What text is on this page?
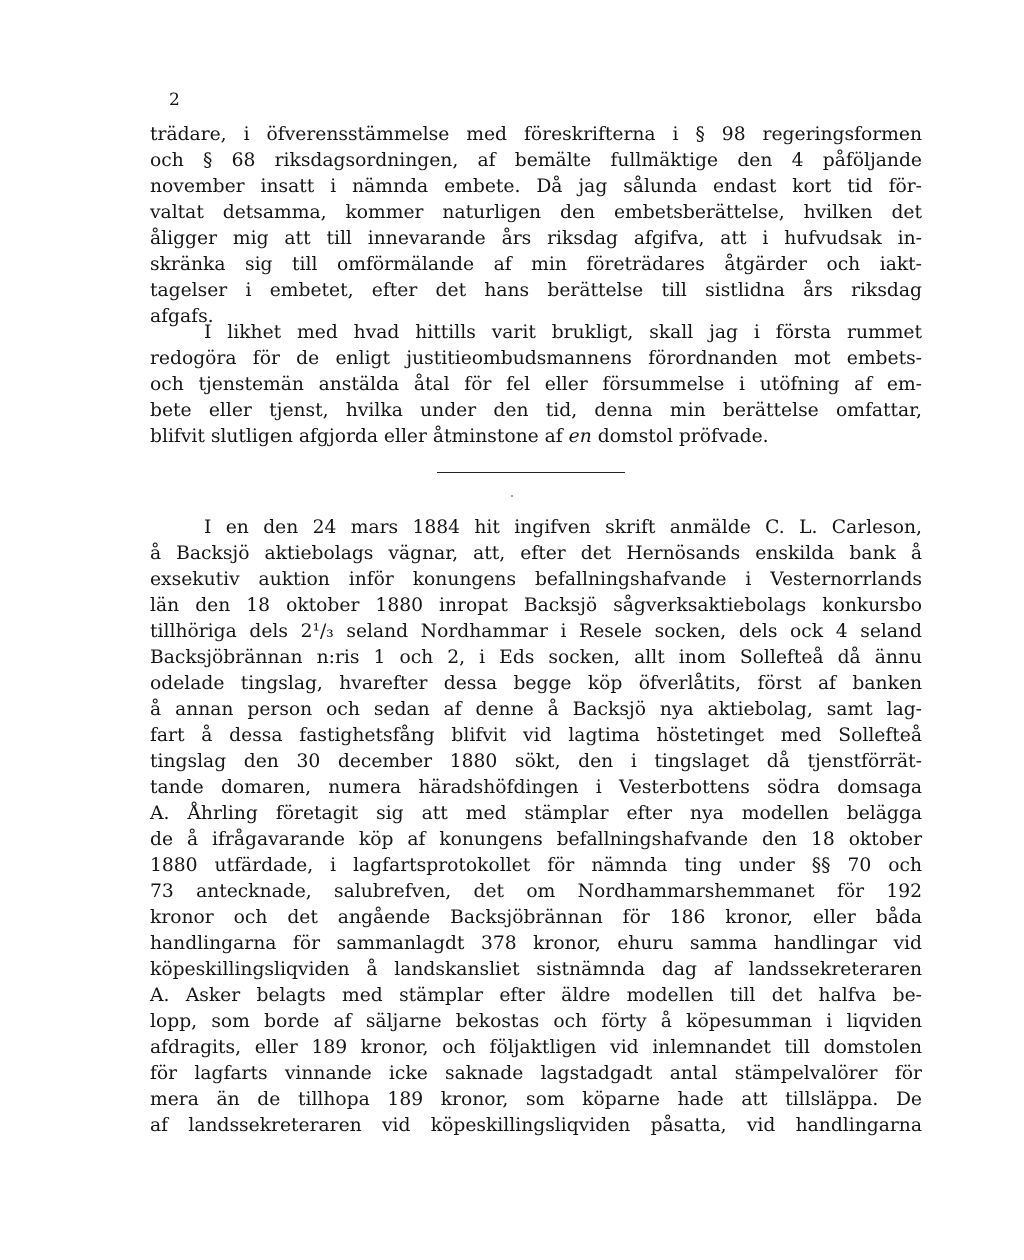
2
trädare, i öfverensstämmelse med föreskrifterna i § 98 regeringsformen
och § 68 riksdagsordningen, af bemälte fullmäktige den 4 påföljande
november insatt i nämnda embete. Då jag sålunda endast kort tid för-
valtat detsamma, kommer naturligen den embetsberättelse, hvilken det
åligger mig att till innevarande års riksdag afgifva, att i hufvudsak in-
skränka sig till omförmälande af min företrädares åtgärder och iakt-
tagelser i embetet, efter det hans berättelse till sistlidna års riksdag
afgafs.
I likhet med hvad hittills varit brukligt, skall jag i första rummet
redogöra för de enligt justitieombudsmannens förordnanden mot embets-
och tjenstemän anstälda åtal för fel eller försummelse i utöfning af em-
bete eller tjenst, hvilka under den tid, denna min berättelse omfattar,
blifvit slutligen afgjorda eller åtminstone af en domstol pröfvade.
I en den 24 mars 1884 hit ingifven skrift anmälde C. L. Carleson,
å Backsjö aktiebolags vägnar, att, efter det Hernösands enskilda bank å
exsekutiv auktion inför konungens befallningshafvande i Vesternorrlands
län den 18 oktober 1880 inropat Backsjö sågverksaktiebolags konkursbo
tillhöriga dels 2¹/₃ seland Nordhammar i Resele socken, dels ock 4 seland
Backsjöbrännan n:ris 1 och 2, i Eds socken, allt inom Sollefteå då ännu
odelade tingslag, hvarefter dessa begge köp öfverlåtits, först af banken
å annan person och sedan af denne å Backsjö nya aktiebolag, samt lag-
fart å dessa fastighetsfång blifvit vid lagtima höstetinget med Sollefteå
tingslag den 30 december 1880 sökt, den i tingslaget då tjenstförrät-
tande domaren, numera häradshöfdingen i Vesterbottens södra domsaga
A. Åhrling företagit sig att med stämplar efter nya modellen belägga
de å ifrågavarande köp af konungens befallningshafvande den 18 oktober
1880 utfärdade, i lagfartsprotokollet för nämnda ting under §§ 70 och
73 antecknade, salubrefven, det om Nordhammarshemmanet för 192
kronor och det angående Backsjöbrännan för 186 kronor, eller båda
handlingarna för sammanlagdt 378 kronor, ehuru samma handlingar vid
köpeskillingsliqviden å landskansliet sistnämnda dag af landssekreteraren
A. Asker belagts med stämplar efter äldre modellen till det halfva be-
lopp, som borde af säljarne bekostas och förty å köpesumman i liqviden
afdragits, eller 189 kronor, och följaktligen vid inlemnandet till domstolen
för lagfarts vinnande icke saknade lagstadgadt antal stämpelvalörer för
mera än de tillhopa 189 kronor, som köparne hade att tillsläppa. De
af landssekreteraren vid köpeskillingsliqviden påsatta, vid handlingarna
